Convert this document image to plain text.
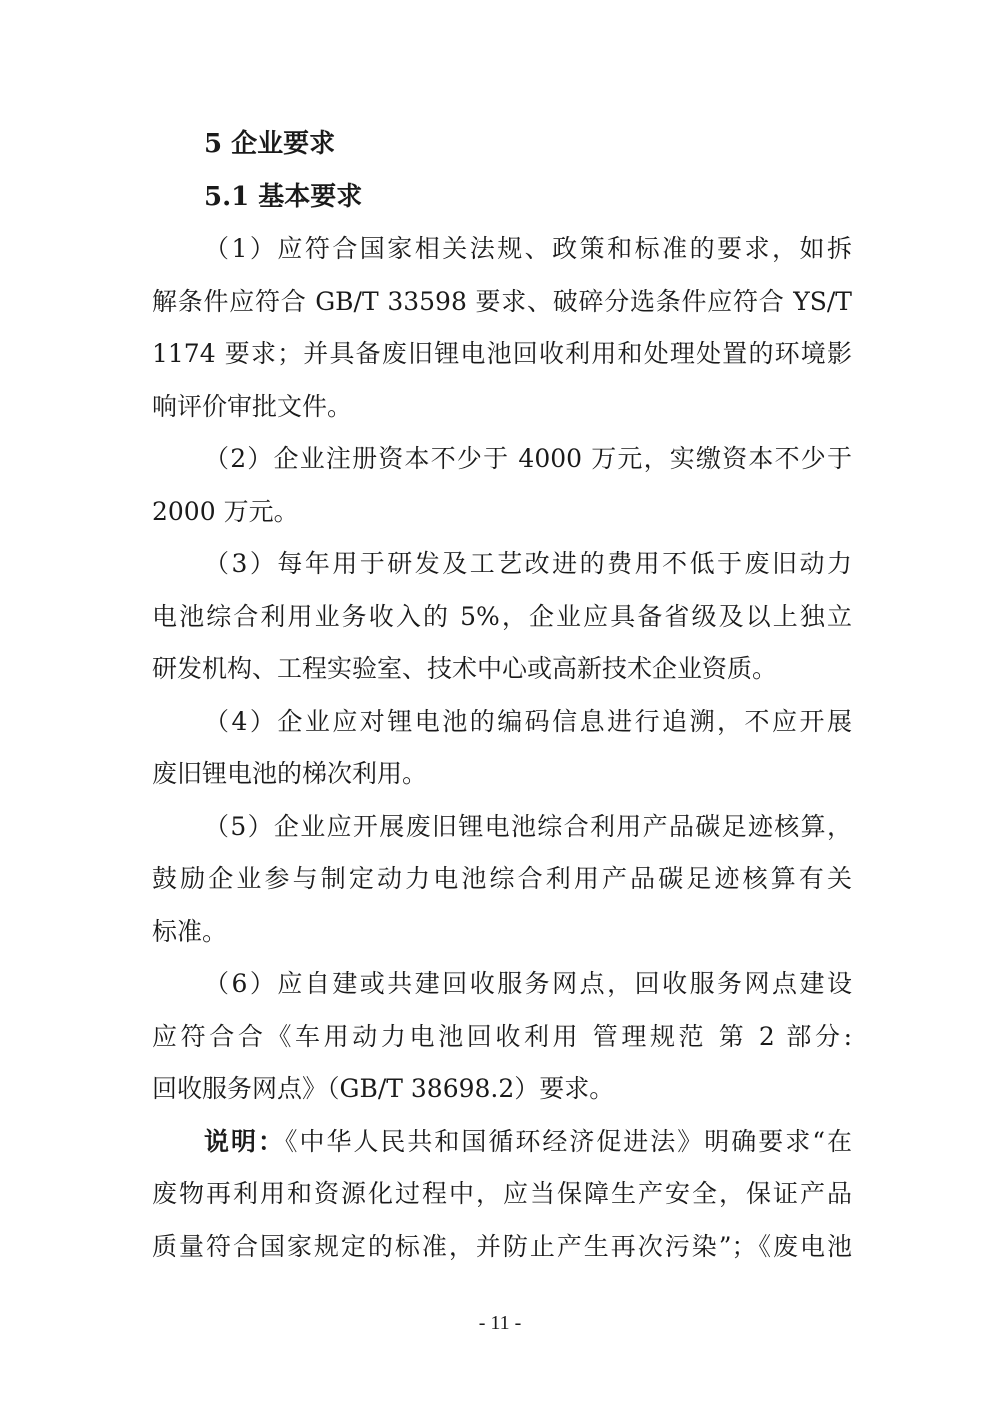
5 企业要求

5.1 基本要求

（1）应符合国家相关法规、政策和标准的要求，如拆
解条件应符合 GB/T 33598 要求、破碎分选条件应符合 YS/T
1174 要求；并具备废旧锂电池回收利用和处理处置的环境影
响评价审批文件。

（2）企业注册资本不少于 4000 万元，实缴资本不少于
2000 万元。

（3）每年用于研发及工艺改进的费用不低于废旧动力
电池综合利用业务收入的 5%，企业应具备省级及以上独立
研发机构、工程实验室、技术中心或高新技术企业资质。

（4）企业应对锂电池的编码信息进行追溯，不应开展
废旧锂电池的梯次利用。

（5）企业应开展废旧锂电池综合利用产品碳足迹核算，
鼓励企业参与制定动力电池综合利用产品碳足迹核算有关
标准。

（6）应自建或共建回收服务网点，回收服务网点建设
应符合合《车用动力电池回收利用 管理规范 第 2 部分:
回收服务网点》（GB/T 38698.2）要求。

说明：《中华人民共和国循环经济促进法》明确要求“在
废物再利用和资源化过程中，应当保障生产安全，保证产品
质量符合国家规定的标准，并防止产生再次污染”；《废电池

- 11 -
